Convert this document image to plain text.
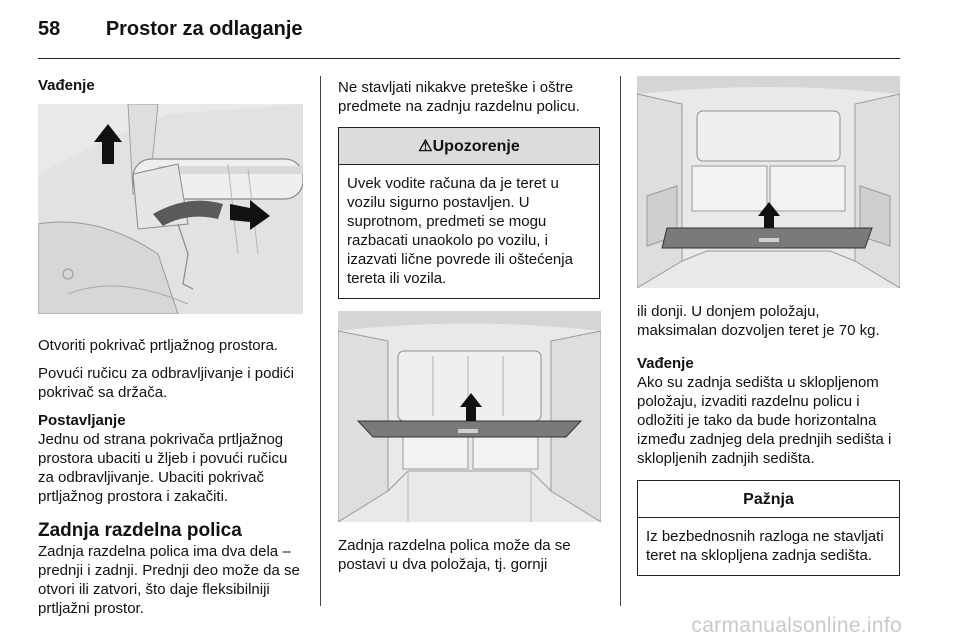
58 Prostor za odlaganje

Vađenje

Otvoriti pokrivač prtljažnog prostora.

Povući ručicu za odbravljivanje i podići pokrivač sa držača.

Postavljanje

Jednu od strana pokrivača prtljažnog prostora ubaciti u žljeb i povući ručicu za odbravljivanje. Ubaciti pokrivač prtljažnog prostora i zakačiti.

Zadnja razdelna polica

Zadnja razdelna polica ima dva dela – prednji i zadnji. Prednji deo može da se otvori ili zatvori, što daje fleksibilniji prtljažni prostor.

Ne stavljati nikakve preteške i oštre predmete na zadnju razdelnu policu.

⚠Upozorenje
Uvek vodite računa da je teret u vozilu sigurno postavljen. U suprotnom, predmeti se mogu razbacati unaokolo po vozilu, i izazvati lične povrede ili oštećenja tereta ili vozila.

Zadnja razdelna polica može da se postavi u dva položaja, tj. gornji

ili donji. U donjem položaju, maksimalan dozvoljen teret je 70 kg.

Vađenje

Ako su zadnja sedišta u sklopljenom položaju, izvaditi razdelnu policu i odložiti je tako da bude horizontalna između zadnjeg dela prednjih sedišta i sklopljenih zadnjih sedišta.

Pažnja
Iz bezbednosnih razloga ne stavljati teret na sklopljena zadnja sedišta.
carmanualsonline.info
